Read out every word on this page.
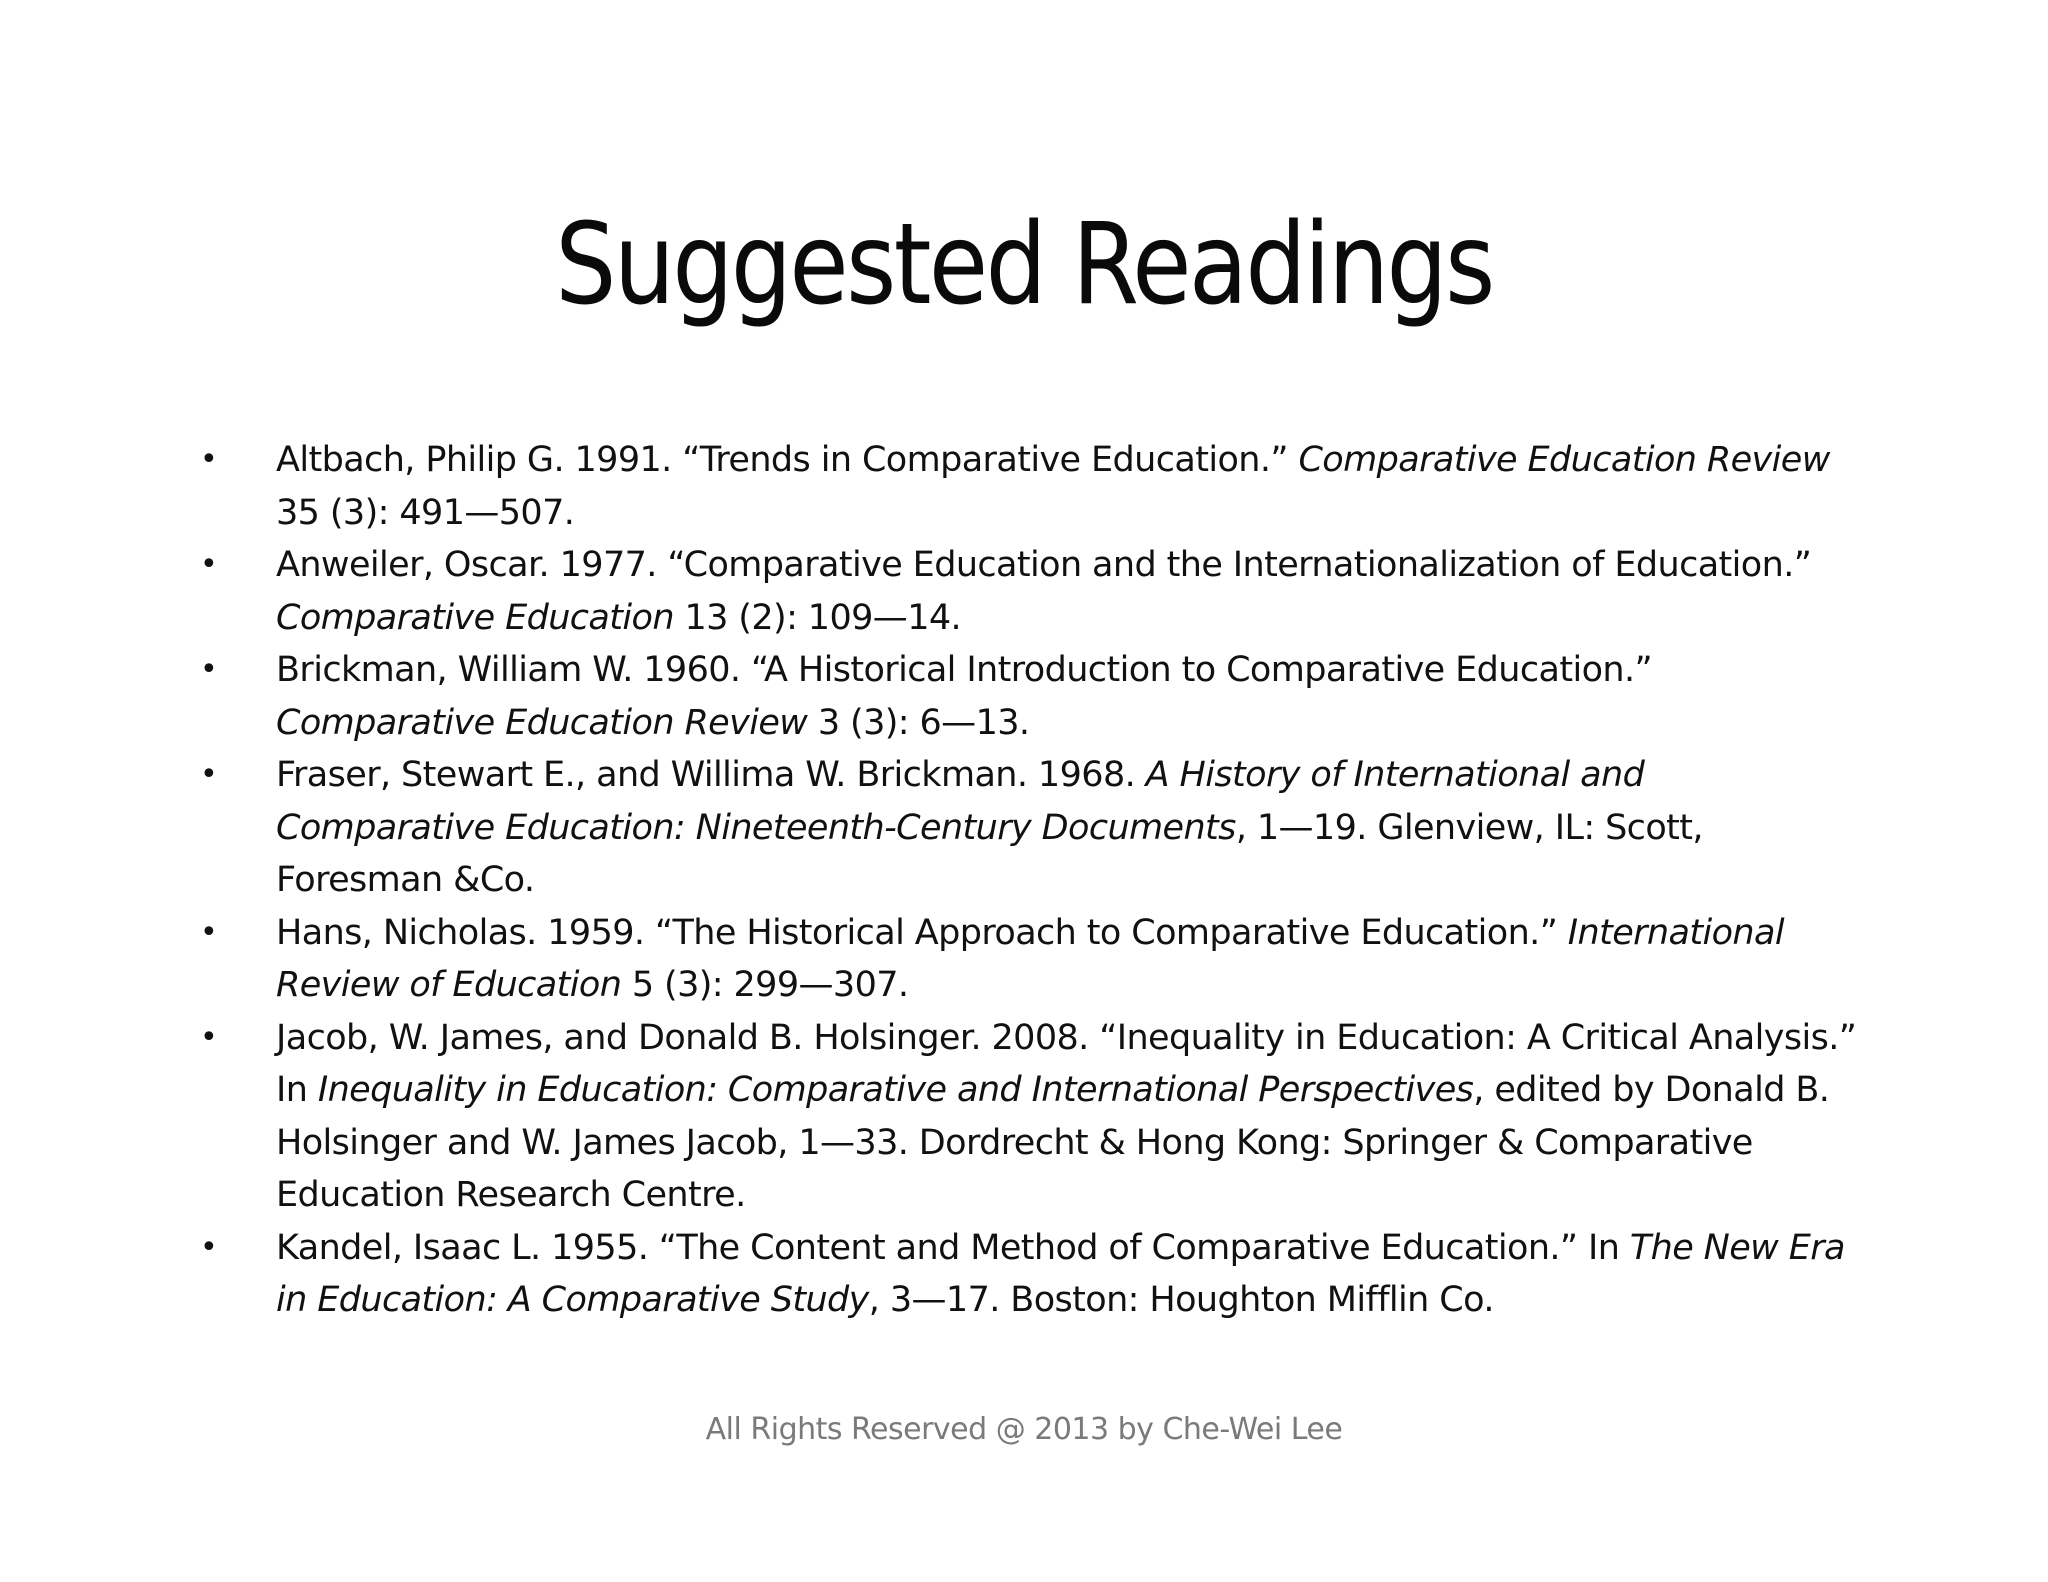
Suggested Readings
• Altbach, Philip G. 1991. “Trends in Comparative Education.” Comparative Education Review 35 (3): 491—507.
• Anweiler, Oscar. 1977. “Comparative Education and the Internationalization of Education.” Comparative Education 13 (2): 109—14.
• Brickman, William W. 1960. “A Historical Introduction to Comparative Education.” Comparative Education Review 3 (3): 6—13.
• Fraser, Stewart E., and Willima W. Brickman. 1968. A History of International and Comparative Education: Nineteenth-Century Documents, 1—19. Glenview, IL: Scott, Foresman &Co.
• Hans, Nicholas. 1959. “The Historical Approach to Comparative Education.” International Review of Education 5 (3): 299—307.
• Jacob, W. James, and Donald B. Holsinger. 2008. “Inequality in Education: A Critical Analysis.” In Inequality in Education: Comparative and International Perspectives, edited by Donald B. Holsinger and W. James Jacob, 1—33. Dordrecht & Hong Kong: Springer & Comparative Education Research Centre.
• Kandel, Isaac L. 1955. “The Content and Method of Comparative Education.” In The New Era in Education: A Comparative Study, 3—17. Boston: Houghton Mifflin Co.
All Rights Reserved @ 2013 by Che-Wei Lee
